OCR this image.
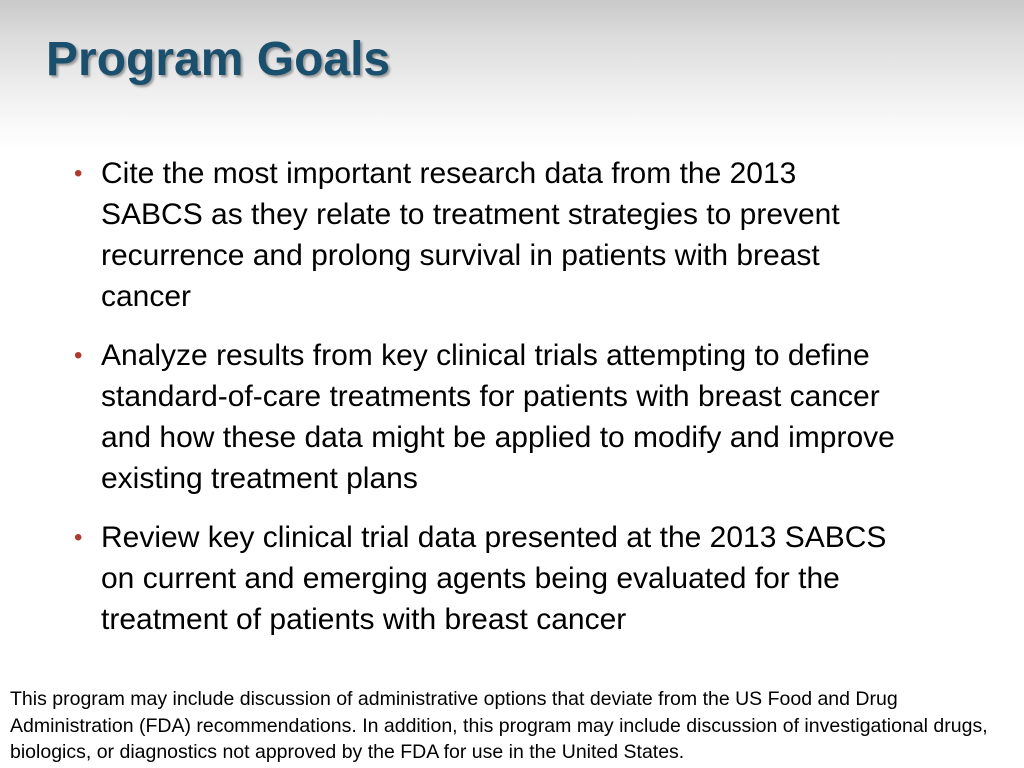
Program Goals
• Cite the most important research data from the 2013 SABCS as they relate to treatment strategies to prevent recurrence and prolong survival in patients with breast cancer
• Analyze results from key clinical trials attempting to define standard-of-care treatments for patients with breast cancer and how these data might be applied to modify and improve existing treatment plans
• Review key clinical trial data presented at the 2013 SABCS on current and emerging agents being evaluated for the treatment of patients with breast cancer

This program may include discussion of administrative options that deviate from the US Food and Drug Administration (FDA) recommendations. In addition, this program may include discussion of investigational drugs, biologics, or diagnostics not approved by the FDA for use in the United States.
